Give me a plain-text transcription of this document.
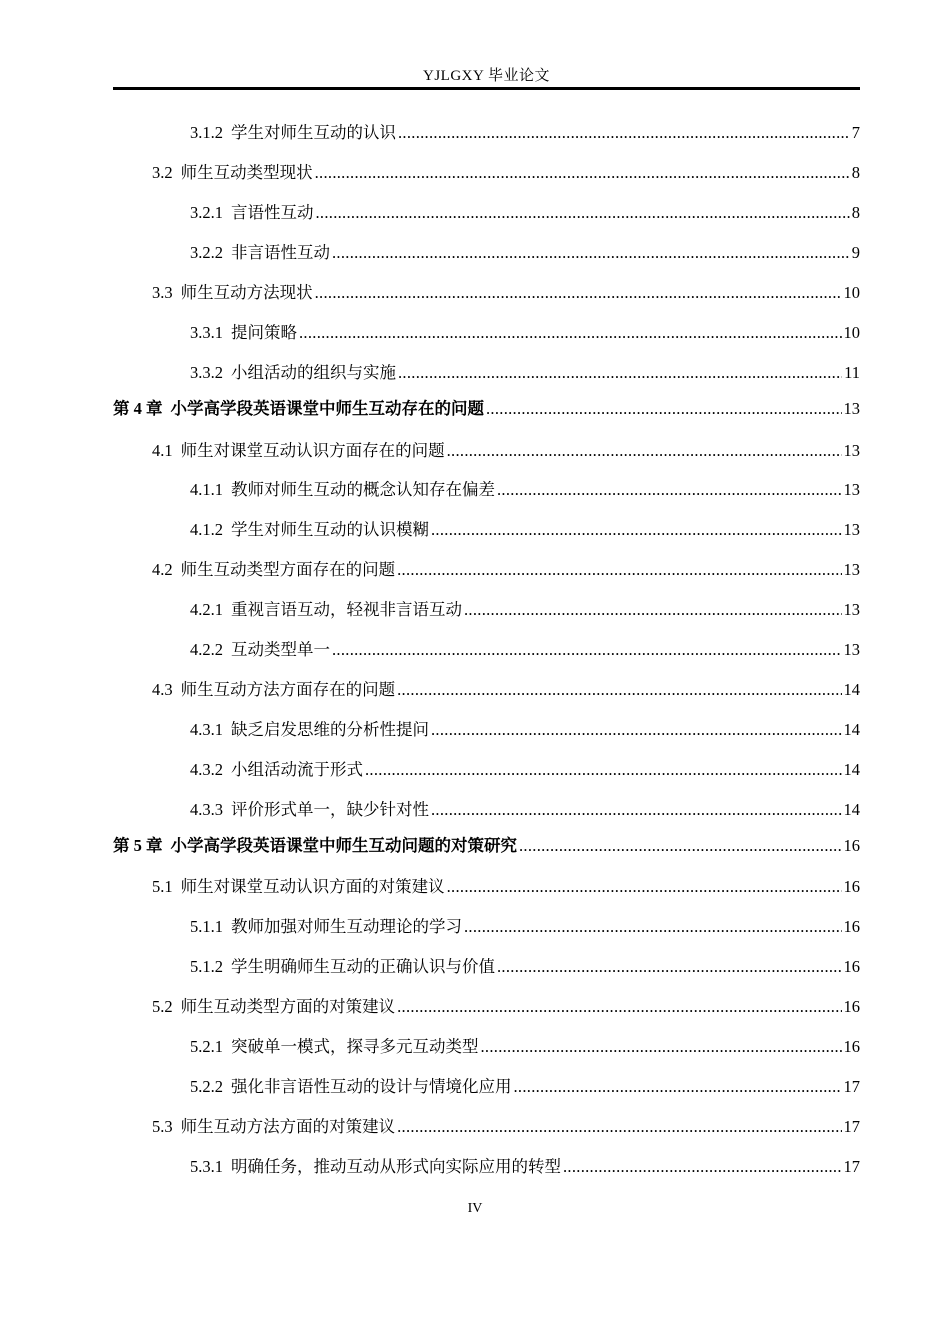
YJLGXY 毕业论文
3.1.2 学生对师生互动的认识 .....	7
3.2 师生互动类型现状 .....	8
3.2.1 言语性互动 .....	8
3.2.2 非言语性互动 .....	9
3.3 师生互动方法现状 .....	10
3.3.1 提问策略 .....	10
3.3.2 小组活动的组织与实施 .....	11
第 4 章 小学高学段英语课堂中师生互动存在的问题 .....	13
4.1 师生对课堂互动认识方面存在的问题 .....	13
4.1.1 教师对师生互动的概念认知存在偏差 .....	13
4.1.2 学生对师生互动的认识模糊 .....	13
4.2 师生互动类型方面存在的问题 .....	13
4.2.1 重视言语互动，轻视非言语互动 .....	13
4.2.2 互动类型单一 .....	13
4.3 师生互动方法方面存在的问题 .....	14
4.3.1 缺乏启发思维的分析性提问 .....	14
4.3.2 小组活动流于形式 .....	14
4.3.3 评价形式单一，缺少针对性 .....	14
第 5 章 小学高学段英语课堂中师生互动问题的对策研究 .....	16
5.1 师生对课堂互动认识方面的对策建议 .....	16
5.1.1 教师加强对师生互动理论的学习 .....	16
5.1.2 学生明确师生互动的正确认识与价值 .....	16
5.2 师生互动类型方面的对策建议 .....	16
5.2.1 突破单一模式，探寻多元互动类型 .....	16
5.2.2 强化非言语性互动的设计与情境化应用 .....	17
5.3 师生互动方法方面的对策建议 .....	17
5.3.1 明确任务，推动互动从形式向实际应用的转型 .....	17
IV
